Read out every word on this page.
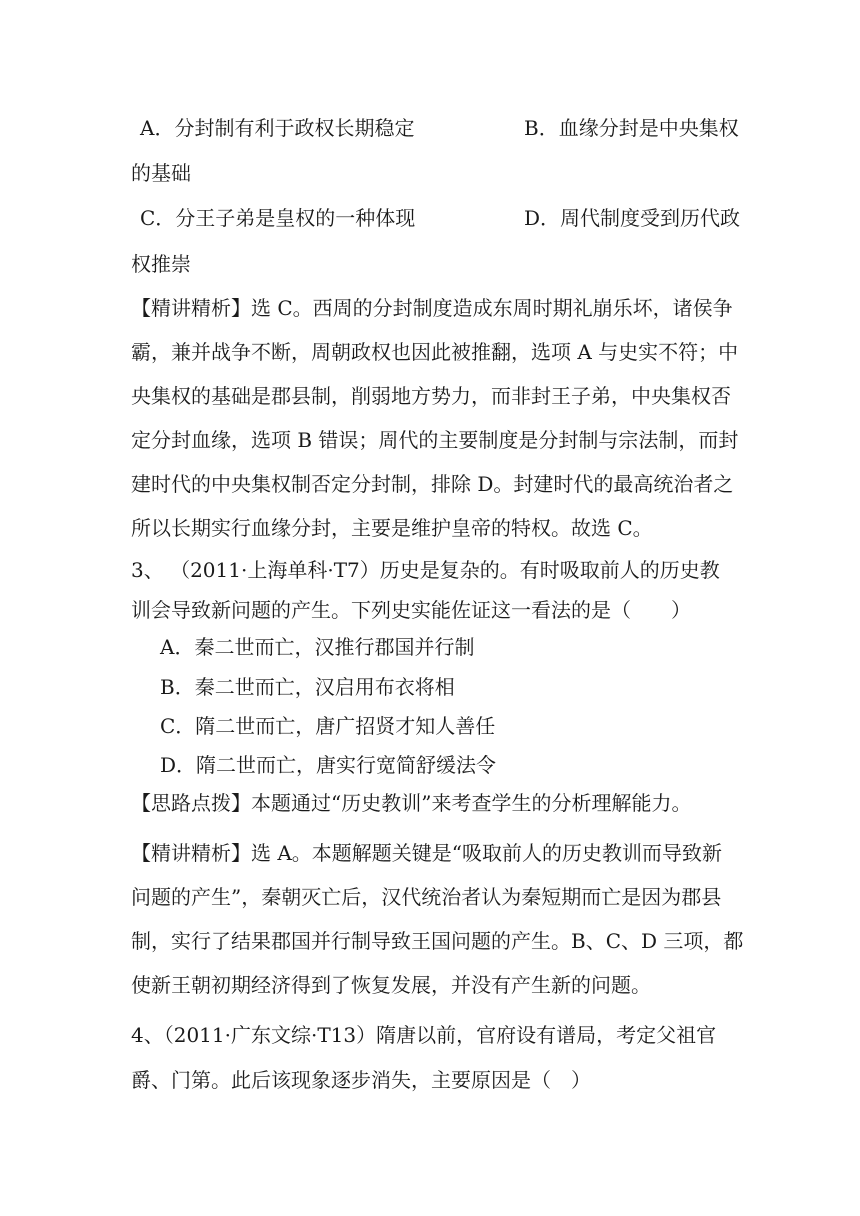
A．分封制有利于政权长期稳定	B．血缘分封是中央集权
的基础
C．分王子弟是皇权的一种体现	D．周代制度受到历代政
权推崇
【精讲精析】选 C。西周的分封制度造成东周时期礼崩乐坏，诸侯争
霸，兼并战争不断，周朝政权也因此被推翻，选项 A 与史实不符；中
央集权的基础是郡县制，削弱地方势力，而非封王子弟，中央集权否
定分封血缘，选项 B 错误；周代的主要制度是分封制与宗法制，而封
建时代的中央集权制否定分封制，排除 D。封建时代的最高统治者之
所以长期实行血缘分封，主要是维护皇帝的特权。故选 C。
3、 （2011·上海单科·T7）历史是复杂的。有时吸取前人的历史教
训会导致新问题的产生。下列史实能佐证这一看法的是（　　）
A．秦二世而亡，汉推行郡国并行制
B．秦二世而亡，汉启用布衣将相
C．隋二世而亡，唐广招贤才知人善任
D．隋二世而亡，唐实行宽简舒缓法令
【思路点拨】本题通过“历史教训”来考查学生的分析理解能力。
【精讲精析】选 A。本题解题关键是“吸取前人的历史教训而导致新
问题的产生”，秦朝灭亡后，汉代统治者认为秦短期而亡是因为郡县
制，实行了结果郡国并行制导致王国问题的产生。B、C、D 三项，都
使新王朝初期经济得到了恢复发展，并没有产生新的问题。
4、（2011·广东文综·T13）隋唐以前，官府设有谱局，考定父祖官
爵、门第。此后该现象逐步消失，主要原因是（　）
